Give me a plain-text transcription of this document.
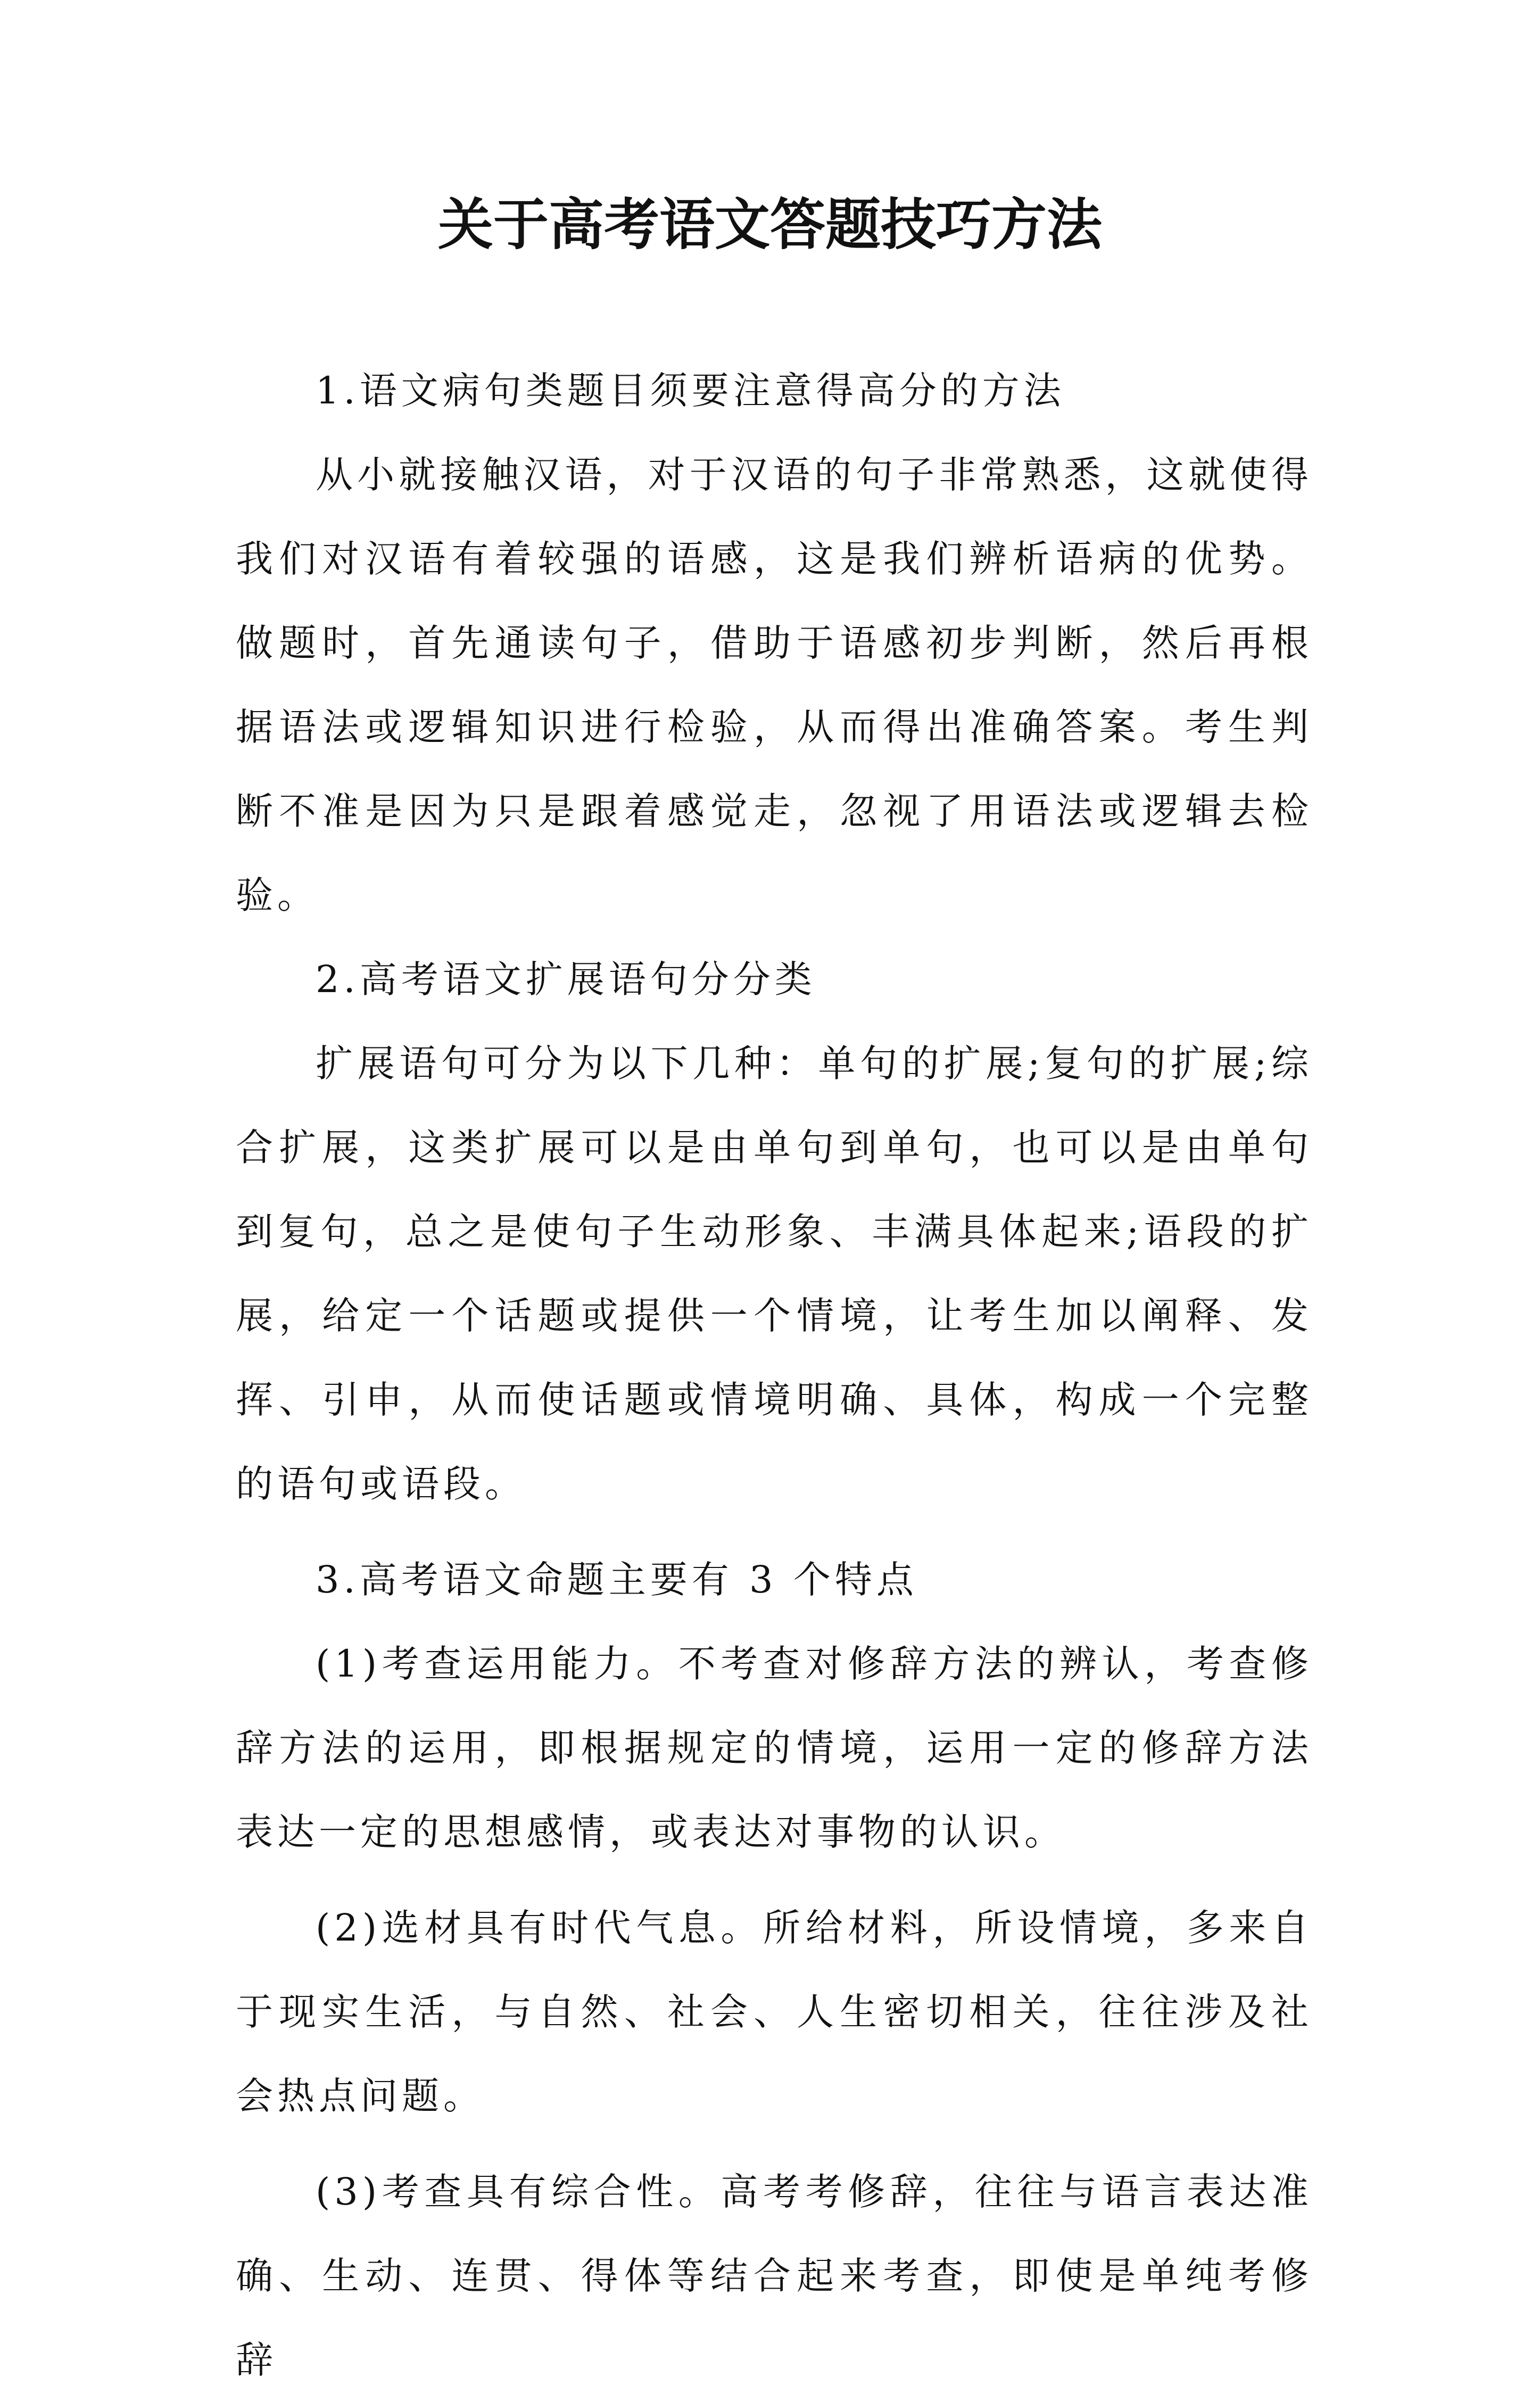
关于高考语文答题技巧方法

1.语文病句类题目须要注意得高分的方法

从小就接触汉语，对于汉语的句子非常熟悉，这就使得我们对汉语有着较强的语感，这是我们辨析语病的优势。做题时，首先通读句子，借助于语感初步判断，然后再根据语法或逻辑知识进行检验，从而得出准确答案。考生判断不准是因为只是跟着感觉走，忽视了用语法或逻辑去检验。

2.高考语文扩展语句分分类

扩展语句可分为以下几种：单句的扩展;复句的扩展;综合扩展，这类扩展可以是由单句到单句，也可以是由单句到复句，总之是使句子生动形象、丰满具体起来;语段的扩展，给定一个话题或提供一个情境，让考生加以阐释、发挥、引申，从而使话题或情境明确、具体，构成一个完整的语句或语段。

3.高考语文命题主要有 3 个特点

(1)考查运用能力。不考查对修辞方法的辨认，考查修辞方法的运用，即根据规定的情境，运用一定的修辞方法表达一定的思想感情，或表达对事物的认识。

(2)选材具有时代气息。所给材料，所设情境，多来自于现实生活，与自然、社会、人生密切相关，往往涉及社会热点问题。

(3)考查具有综合性。高考考修辞，往往与语言表达准确、生动、连贯、得体等结合起来考查，即使是单纯考修辞
